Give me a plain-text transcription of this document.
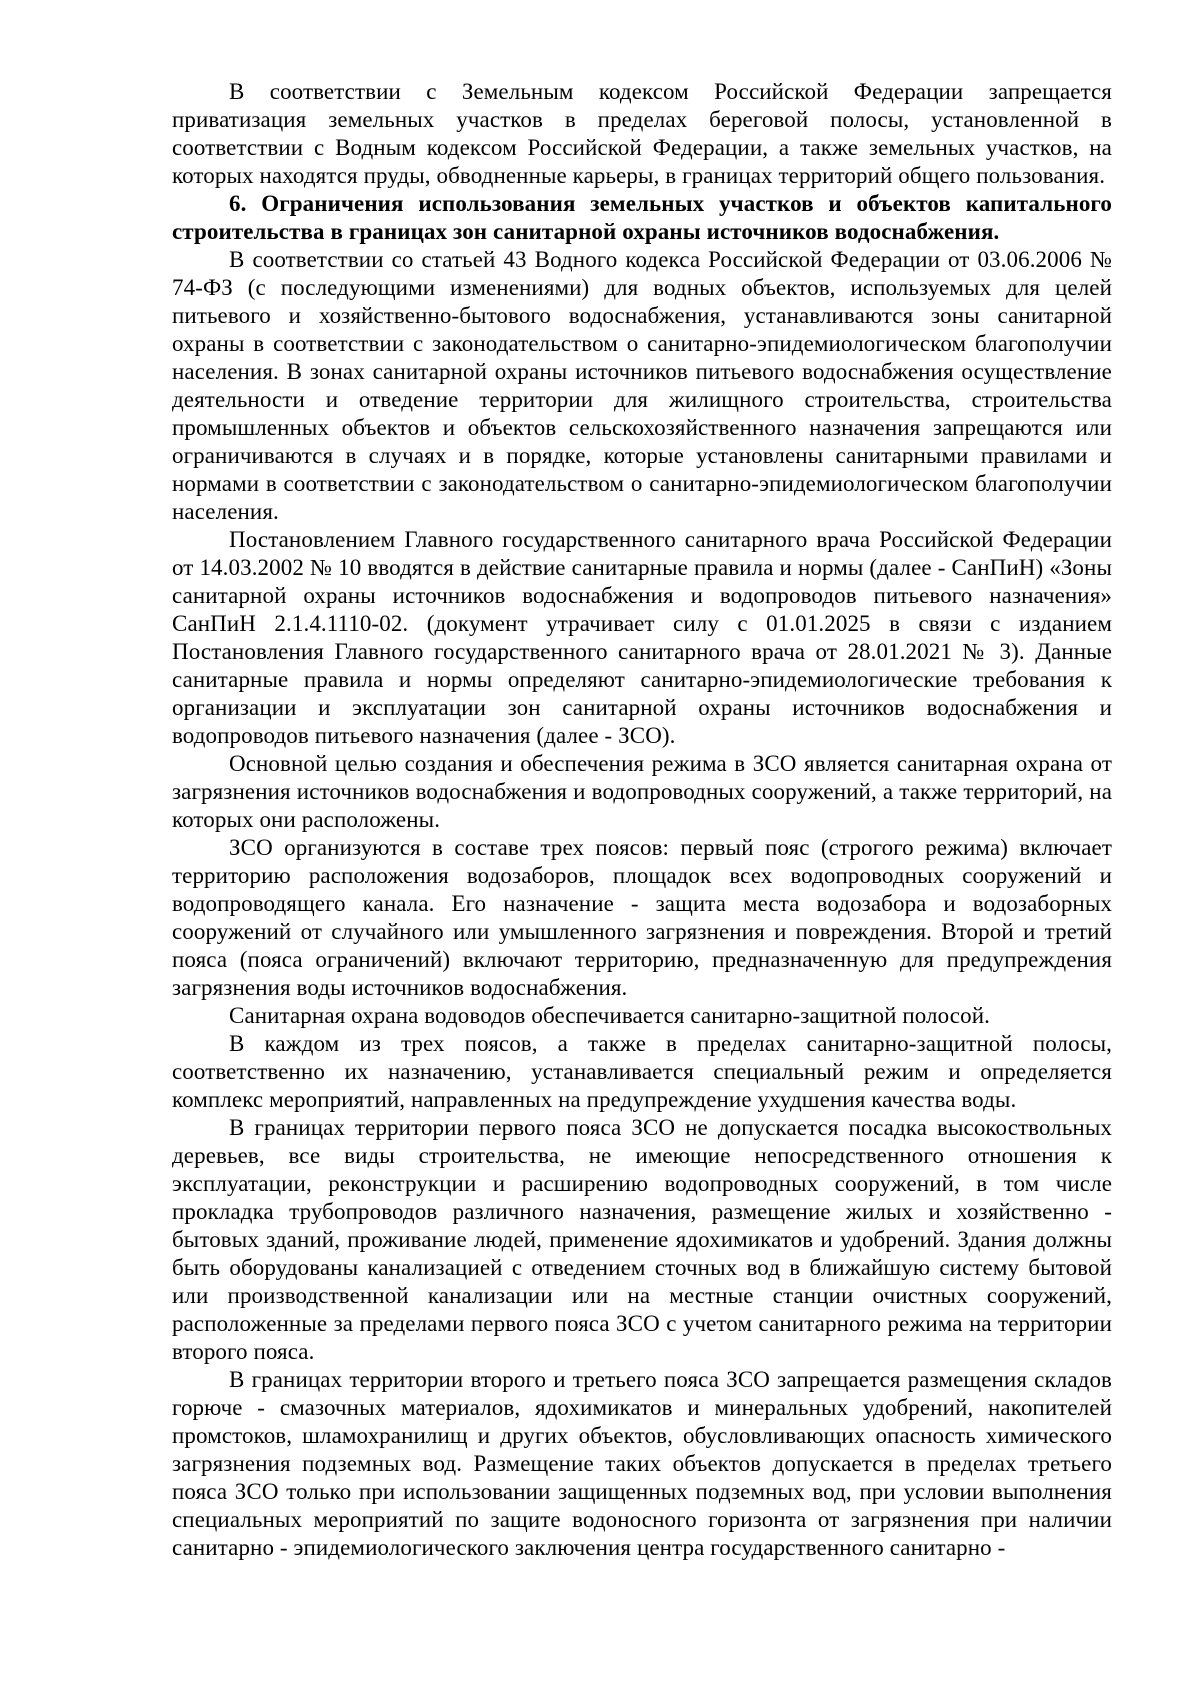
В соответствии с Земельным кодексом Российской Федерации запрещается приватизация земельных участков в пределах береговой полосы, установленной в соответствии с Водным кодексом Российской Федерации, а также земельных участков, на которых находятся пруды, обводненные карьеры, в границах территорий общего пользования.

6. Ограничения использования земельных участков и объектов капитального строительства в границах зон санитарной охраны источников водоснабжения.

В соответствии со статьей 43 Водного кодекса Российской Федерации от 03.06.2006 № 74-ФЗ (с последующими изменениями) для водных объектов, используемых для целей питьевого и хозяйственно-бытового водоснабжения, устанавливаются зоны санитарной охраны в соответствии с законодательством о санитарно-эпидемиологическом благополучии населения. В зонах санитарной охраны источников питьевого водоснабжения осуществление деятельности и отведение территории для жилищного строительства, строительства промышленных объектов и объектов сельскохозяйственного назначения запрещаются или ограничиваются в случаях и в порядке, которые установлены санитарными правилами и нормами в соответствии с законодательством о санитарно-эпидемиологическом благополучии населения.

Постановлением Главного государственного санитарного врача Российской Федерации от 14.03.2002 № 10 вводятся в действие санитарные правила и нормы (далее - СанПиН) «Зоны санитарной охраны источников водоснабжения и водопроводов питьевого назначения» СанПиН 2.1.4.1110-02. (документ утрачивает силу с 01.01.2025 в связи с изданием Постановления Главного государственного санитарного врача от 28.01.2021 № 3). Данные санитарные правила и нормы определяют санитарно-эпидемиологические требования к организации и эксплуатации зон санитарной охраны источников водоснабжения и водопроводов питьевого назначения (далее - ЗСО).

Основной целью создания и обеспечения режима в ЗСО является санитарная охрана от загрязнения источников водоснабжения и водопроводных сооружений, а также территорий, на которых они расположены.

ЗСО организуются в составе трех поясов: первый пояс (строгого режима) включает территорию расположения водозаборов, площадок всех водопроводных сооружений и водопроводящего канала. Его назначение - защита места водозабора и водозаборных сооружений от случайного или умышленного загрязнения и повреждения. Второй и третий пояса (пояса ограничений) включают территорию, предназначенную для предупреждения загрязнения воды источников водоснабжения.

Санитарная охрана водоводов обеспечивается санитарно-защитной полосой.

В каждом из трех поясов, а также в пределах санитарно-защитной полосы, соответственно их назначению, устанавливается специальный режим и определяется комплекс мероприятий, направленных на предупреждение ухудшения качества воды.

В границах территории первого пояса ЗСО не допускается посадка высокоствольных деревьев, все виды строительства, не имеющие непосредственного отношения к эксплуатации, реконструкции и расширению водопроводных сооружений, в том числе прокладка трубопроводов различного назначения, размещение жилых и хозяйственно - бытовых зданий, проживание людей, применение ядохимикатов и удобрений. Здания должны быть оборудованы канализацией с отведением сточных вод в ближайшую систему бытовой или производственной канализации или на местные станции очистных сооружений, расположенные за пределами первого пояса ЗСО с учетом санитарного режима на территории второго пояса.

В границах территории второго и третьего пояса ЗСО запрещается размещения складов горюче - смазочных материалов, ядохимикатов и минеральных удобрений, накопителей промстоков, шламохранилищ и других объектов, обусловливающих опасность химического загрязнения подземных вод. Размещение таких объектов допускается в пределах третьего пояса ЗСО только при использовании защищенных подземных вод, при условии выполнения специальных мероприятий по защите водоносного горизонта от загрязнения при наличии санитарно - эпидемиологического заключения центра государственного санитарно -
